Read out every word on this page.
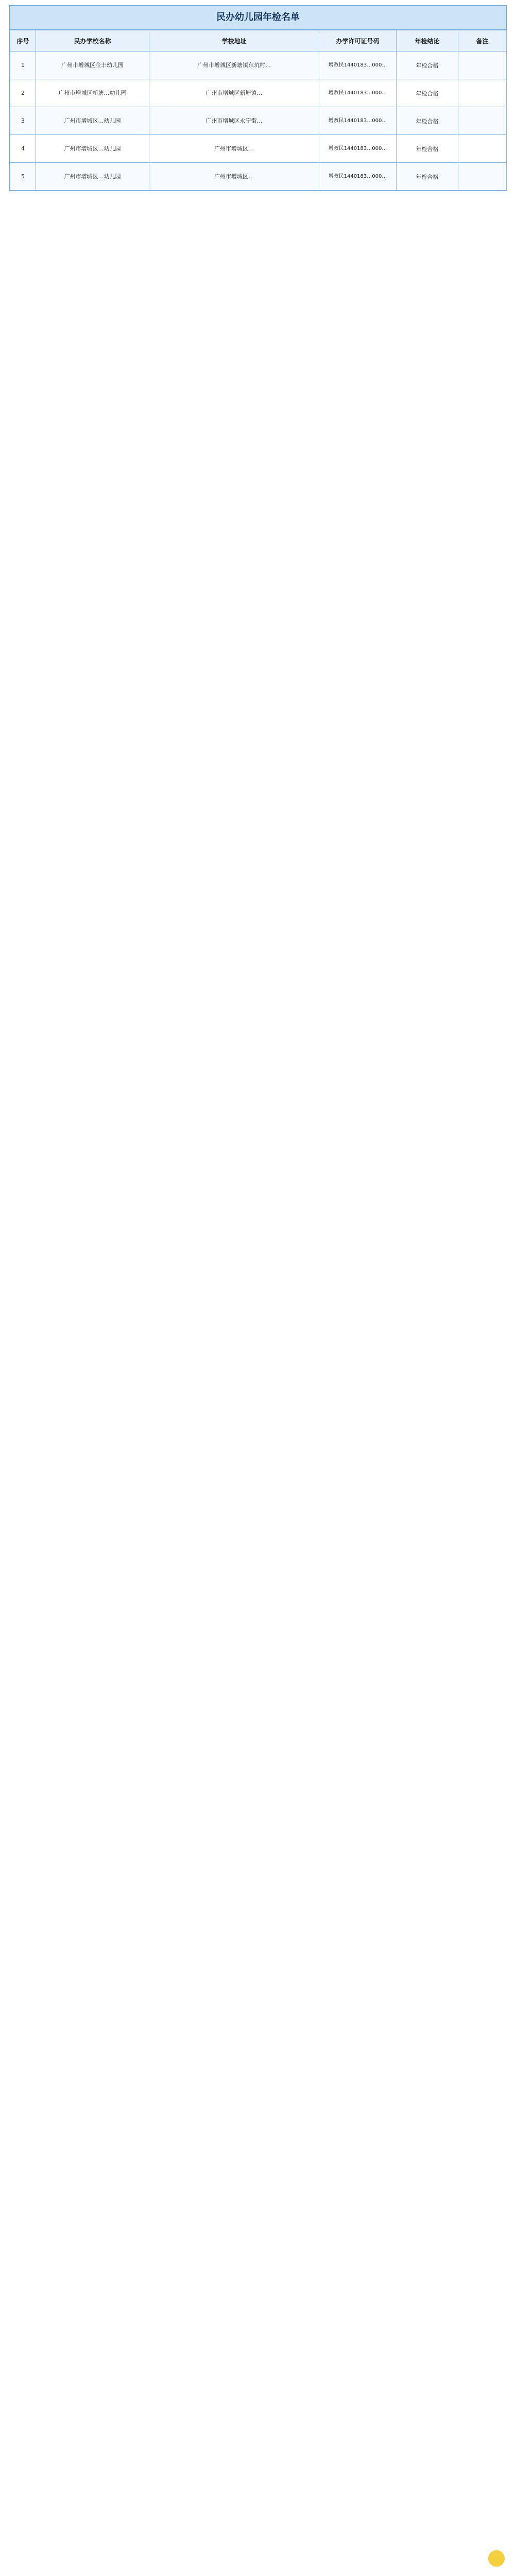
民办幼儿园年检名单
序号	民办学校名称	学校地址	办学许可证号码	年检结论	备注
1	广州市增城区金丰幼儿园	广州市增城区新塘镇东坑村…	增教民1440183…000…	年检合格	
2	广州市增城区新塘…幼儿园	广州市增城区新塘镇…	增教民1440183…000…	年检合格	
3	广州市增城区…幼儿园	广州市增城区永宁街…	增教民1440183…000…	年检合格	
4	广州市增城区…幼儿园	广州市增城区…	增教民1440183…000…	年检合格	
5	广州市增城区…幼儿园	广州市增城区…	增教民1440183…000…	年检合格	
